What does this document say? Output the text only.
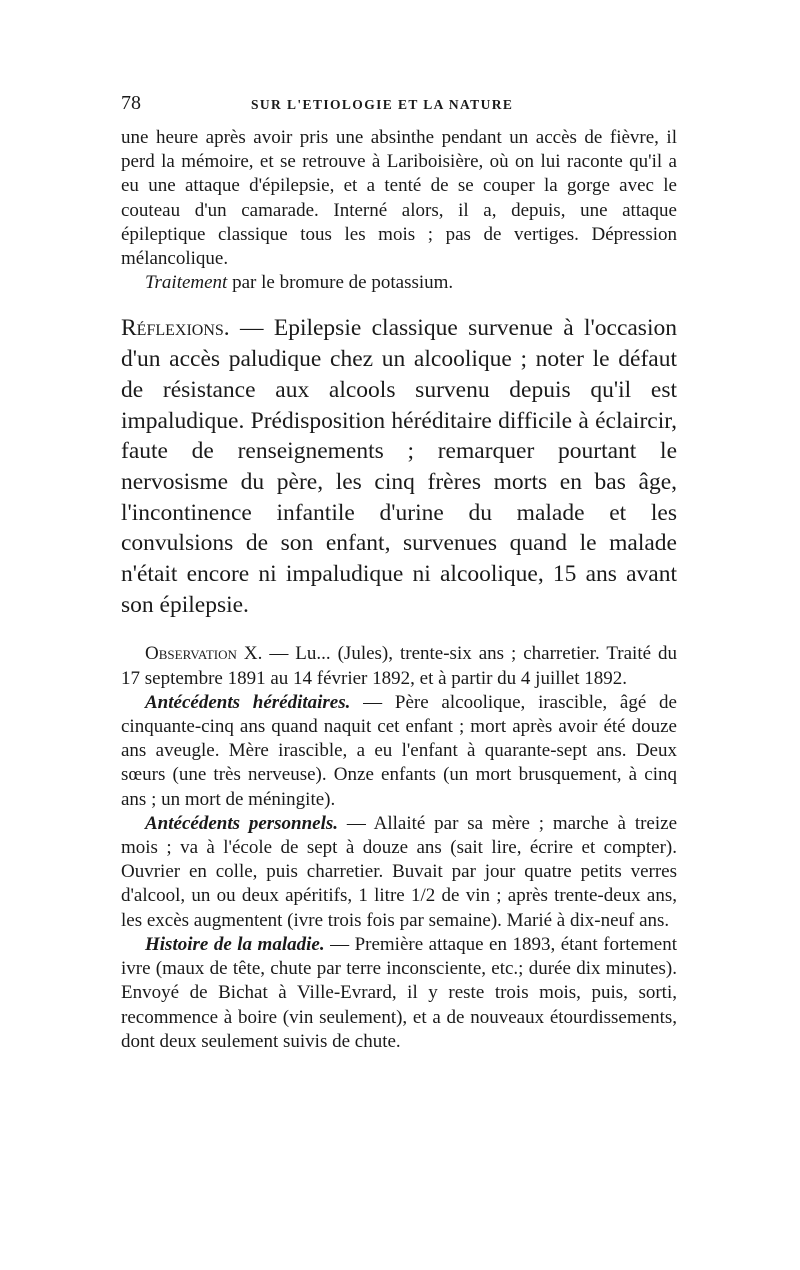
78	SUR L'ETIOLOGIE ET LA NATURE

une heure après avoir pris une absinthe pendant un accès de fièvre, il perd la mémoire, et se retrouve à Lariboisière, où on lui raconte qu'il a eu une attaque d'épilepsie, et a tenté de se couper la gorge avec le couteau d'un camarade. Interné alors, il a, depuis, une attaque épileptique classique tous les mois ; pas de vertiges. Dépression mélancolique.

Traitement par le bromure de potassium.

Réflexions. — Epilepsie classique survenue à l'occasion d'un accès paludique chez un alcoolique ; noter le défaut de résistance aux alcools survenu depuis qu'il est impaludique. Prédisposition héréditaire difficile à éclaircir, faute de renseignements ; remarquer pourtant le nervosisme du père, les cinq frères morts en bas âge, l'incontinence infantile d'urine du malade et les convulsions de son enfant, survenues quand le malade n'était encore ni impaludique ni alcoolique, 15 ans avant son épilepsie.

Observation X. — Lu... (Jules), trente-six ans ; charretier. Traité du 17 septembre 1891 au 14 février 1892, et à partir du 4 juillet 1892.

Antécédents héréditaires. — Père alcoolique, irascible, âgé de cinquante-cinq ans quand naquit cet enfant ; mort après avoir été douze ans aveugle. Mère irascible, a eu l'enfant à quarante-sept ans. Deux sœurs (une très nerveuse). Onze enfants (un mort brusquement, à cinq ans ; un mort de méningite).

Antécédents personnels. — Allaité par sa mère ; marche à treize mois ; va à l'école de sept à douze ans (sait lire, écrire et compter). Ouvrier en colle, puis charretier. Buvait par jour quatre petits verres d'alcool, un ou deux apéritifs, 1 litre 1/2 de vin ; après trente-deux ans, les excès augmentent (ivre trois fois par semaine). Marié à dix-neuf ans.

Histoire de la maladie. — Première attaque en 1893, étant fortement ivre (maux de tête, chute par terre inconsciente, etc.; durée dix minutes). Envoyé de Bichat à Ville-Evrard, il y reste trois mois, puis, sorti, recommence à boire (vin seulement), et a de nouveaux étourdissements, dont deux seulement suivis de chute.
